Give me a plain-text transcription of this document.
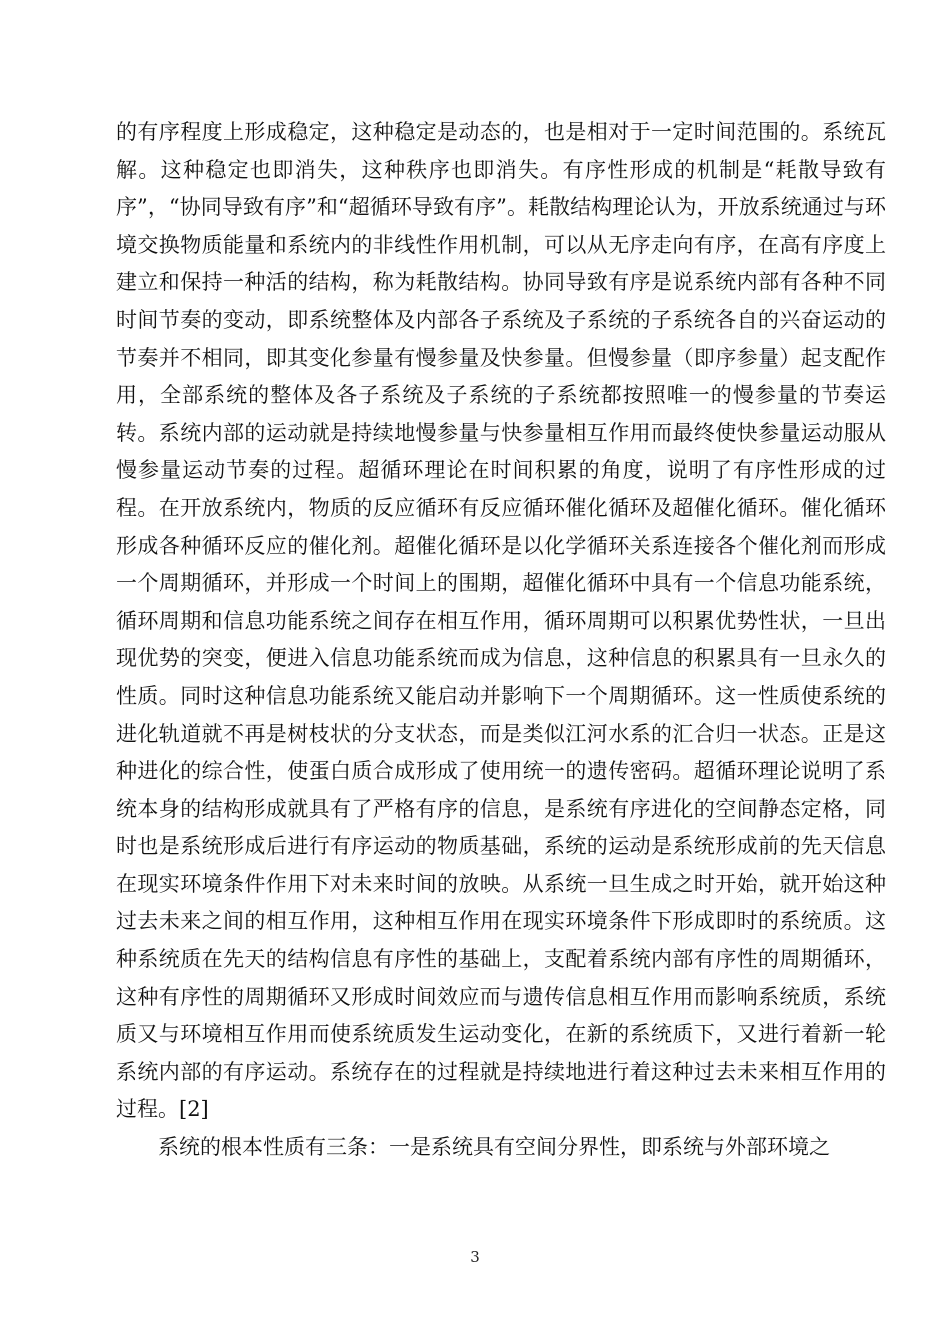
的有序程度上形成稳定，这种稳定是动态的，也是相对于一定时间范围的。系统瓦解。这种稳定也即消失，这种秩序也即消失。有序性形成的机制是“耗散导致有序”，“协同导致有序”和“超循环导致有序”。耗散结构理论认为，开放系统通过与环境交换物质能量和系统内的非线性作用机制，可以从无序走向有序，在高有序度上建立和保持一种活的结构，称为耗散结构。协同导致有序是说系统内部有各种不同时间节奏的变动，即系统整体及内部各子系统及子系统的子系统各自的兴奋运动的节奏并不相同，即其变化参量有慢参量及快参量。但慢参量（即序参量）起支配作用，全部系统的整体及各子系统及子系统的子系统都按照唯一的慢参量的节奏运转。系统内部的运动就是持续地慢参量与快参量相互作用而最终使快参量运动服从慢参量运动节奏的过程。超循环理论在时间积累的角度，说明了有序性形成的过程。在开放系统内，物质的反应循环有反应循环催化循环及超催化循环。催化循环形成各种循环反应的催化剂。超催化循环是以化学循环关系连接各个催化剂而形成一个周期循环，并形成一个时间上的围期，超催化循环中具有一个信息功能系统，循环周期和信息功能系统之间存在相互作用，循环周期可以积累优势性状，一旦出现优势的突变，便进入信息功能系统而成为信息，这种信息的积累具有一旦永久的性质。同时这种信息功能系统又能启动并影响下一个周期循环。这一性质使系统的进化轨道就不再是树枝状的分支状态，而是类似江河水系的汇合归一状态。正是这种进化的综合性，使蛋白质合成形成了使用统一的遗传密码。超循环理论说明了系统本身的结构形成就具有了严格有序的信息，是系统有序进化的空间静态定格，同时也是系统形成后进行有序运动的物质基础，系统的运动是系统形成前的先天信息在现实环境条件作用下对未来时间的放映。从系统一旦生成之时开始，就开始这种过去未来之间的相互作用，这种相互作用在现实环境条件下形成即时的系统质。这种系统质在先天的结构信息有序性的基础上，支配着系统内部有序性的周期循环，这种有序性的周期循环又形成时间效应而与遗传信息相互作用而影响系统质，系统质又与环境相互作用而使系统质发生运动变化，在新的系统质下，又进行着新一轮系统内部的有序运动。系统存在的过程就是持续地进行着这种过去未来相互作用的过程。[2]

系统的根本性质有三条：一是系统具有空间分界性，即系统与外部环境之

3
